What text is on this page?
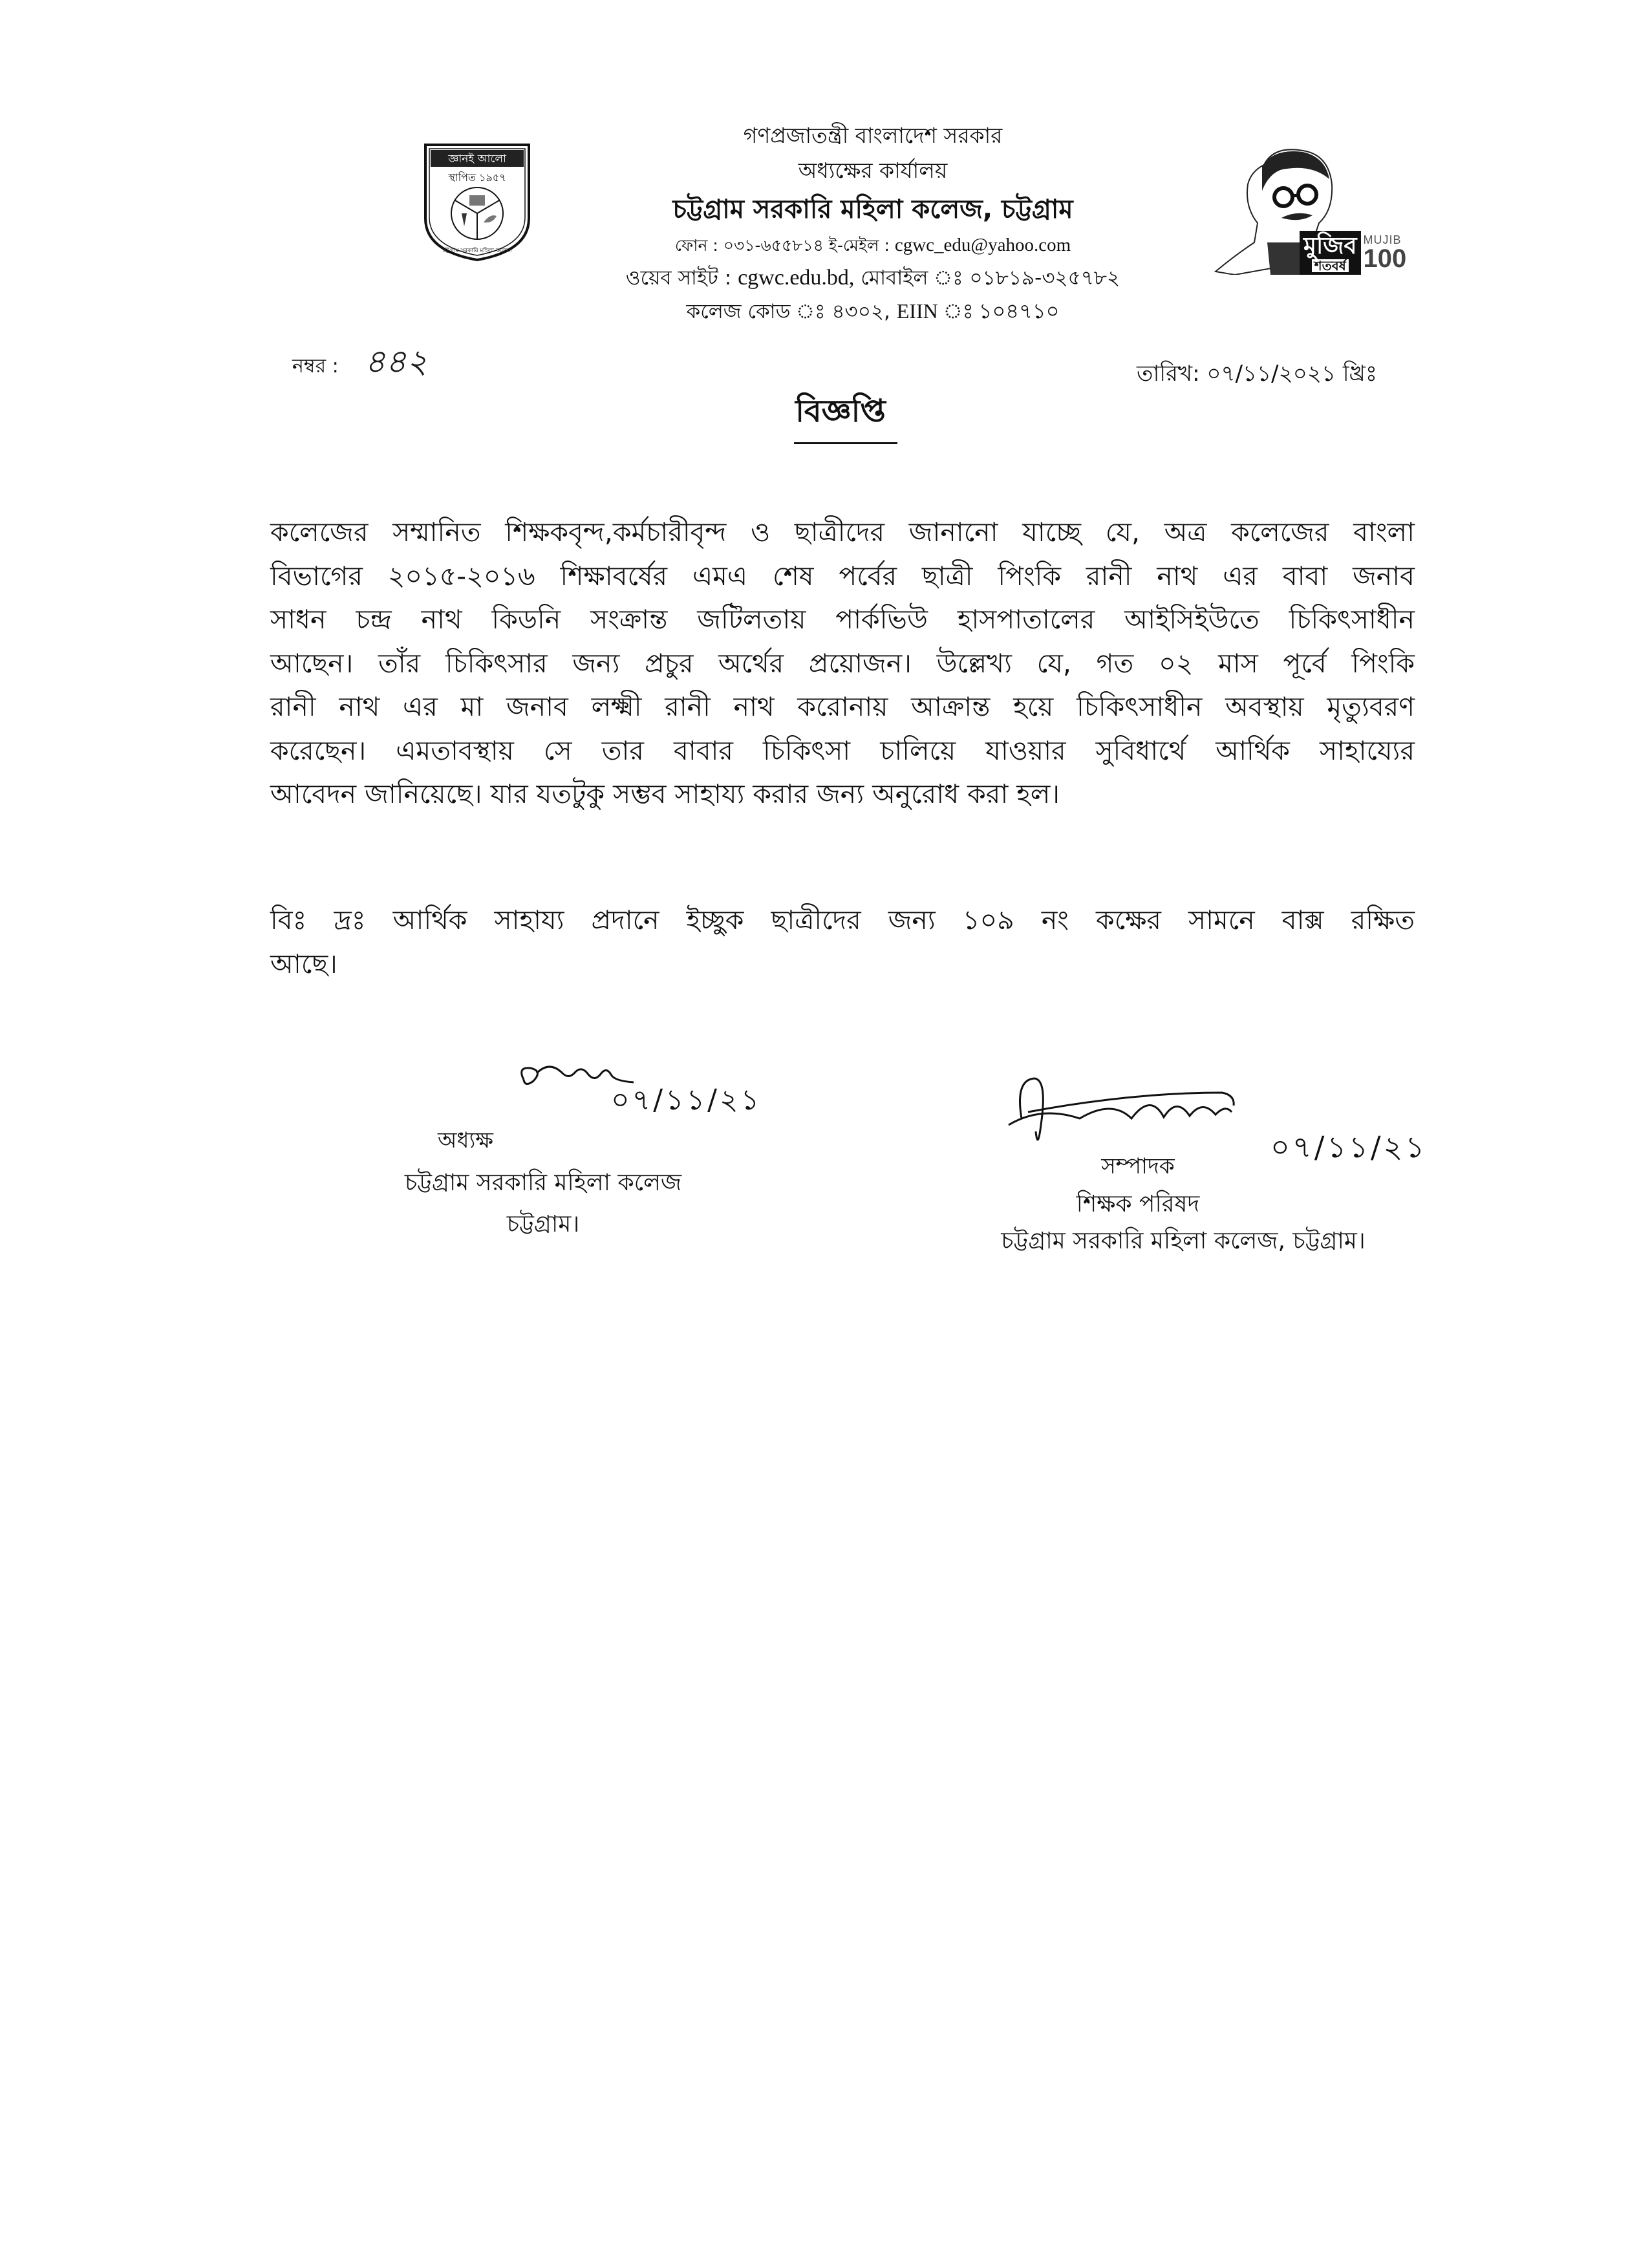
জ্ঞানই আলো
স্থাপিত ১৯৫৭
চট্টগ্রাম সরকারি মহিলা কলেজ	মুজিব
শতবর্ষ
MUJIB
100
গণপ্রজাতন্ত্রী বাংলাদেশ সরকার
অধ্যক্ষের কার্যালয়
চট্টগ্রাম সরকারি মহিলা কলেজ, চট্টগ্রাম
ফোন : ০৩১-৬৫৫৮১৪ ই-মেইল : cgwc_edu@yahoo.com
ওয়েব সাইট : cgwc.edu.bd, মোবাইল ঃ ০১৮১৯-৩২৫৭৮২
কলেজ কোড ঃ ৪৩০২, EIIN ঃ ১০৪৭১০
নম্বর : ৪৪২	তারিখ: ০৭/১১/২০২১ খ্রিঃ
বিজ্ঞপ্তি
কলেজের সম্মানিত শিক্ষকবৃন্দ,কর্মচারীবৃন্দ ও ছাত্রীদের জানানো যাচ্ছে যে, অত্র কলেজের বাংলা
বিভাগের ২০১৫-২০১৬ শিক্ষাবর্ষের এমএ শেষ পর্বের ছাত্রী পিংকি রানী নাথ এর বাবা জনাব
সাধন চন্দ্র নাথ কিডনি সংক্রান্ত জটিলতায় পার্কভিউ হাসপাতালের আইসিইউতে চিকিৎসাধীন
আছেন। তাঁর চিকিৎসার জন্য প্রচুর অর্থের প্রয়োজন। উল্লেখ্য যে, গত ০২ মাস পূর্বে পিংকি
রানী নাথ এর মা জনাব লক্ষ্মী রানী নাথ করোনায় আক্রান্ত হয়ে চিকিৎসাধীন অবস্থায় মৃত্যুবরণ
করেছেন। এমতাবস্থায় সে তার বাবার চিকিৎসা চালিয়ে যাওয়ার সুবিধার্থে আর্থিক সাহায্যের
আবেদন জানিয়েছে। যার যতটুকু সম্ভব সাহায্য করার জন্য অনুরোধ করা হল।
বিঃ দ্রঃ আর্থিক সাহায্য প্রদানে ইচ্ছুক ছাত্রীদের জন্য ১০৯ নং কক্ষের সামনে বাক্স রক্ষিত
আছে।
০৭/১১/২১
অধ্যক্ষ
চট্টগ্রাম সরকারি মহিলা কলেজ
চট্টগ্রাম।
০৭/১১/২১
সম্পাদক
শিক্ষক পরিষদ
চট্টগ্রাম সরকারি মহিলা কলেজ, চট্টগ্রাম।
